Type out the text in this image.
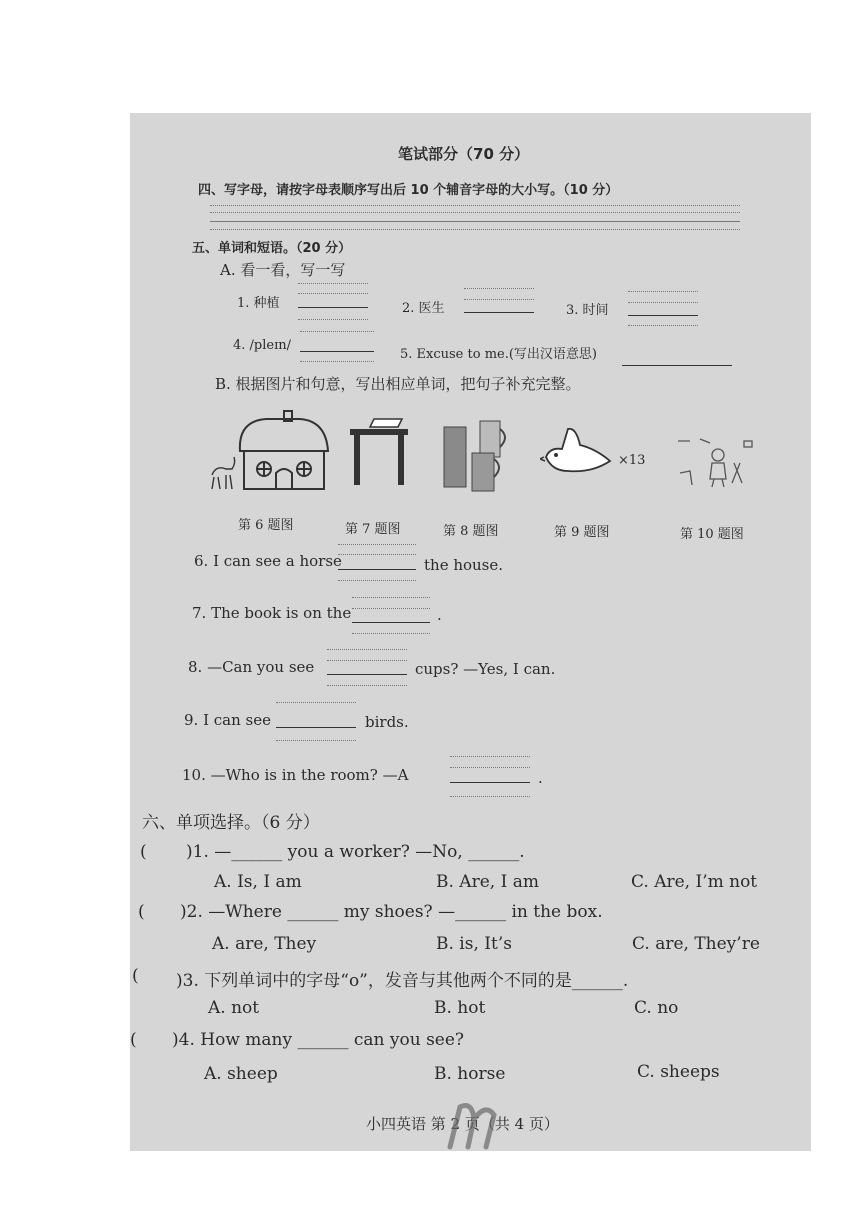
笔试部分（70 分）
四、写字母，请按字母表顺序写出后 10 个辅音字母的大小写。（10 分）
五、单词和短语。（20 分）
A. 看一看，写一写
1. 种植	2. 医生	3. 时间
4. /pleɪn/
5. Excuse to me.(写出汉语意思)
B. 根据图片和句意，写出相应单词，把句子补充完整。
×13
第 6 题图	第 7 题图	第 8 题图	第 9 题图	第 10 题图
6. I can see a horse	the house.
7. The book is on the	.
8. —Can you see	cups? —Yes, I can.
9. I can see	birds.
10. —Who is in the room? —A	.
六、单项选择。（6 分）
( )1. —______ you a worker? —No, ______.
A. Is, I am	B. Are, I am	C. Are, I’m not
( )2. —Where ______ my shoes? —______ in the box.
A. are, They	B. is, It’s	C. are, They’re
( )3. 下列单词中的字母“o”，发音与其他两个不同的是______.
A. not	B. hot	C. no
( )4. How many ______ can you see?
A. sheep	B. horse	C. sheeps
小四英语 第 2 页（共 4 页）
